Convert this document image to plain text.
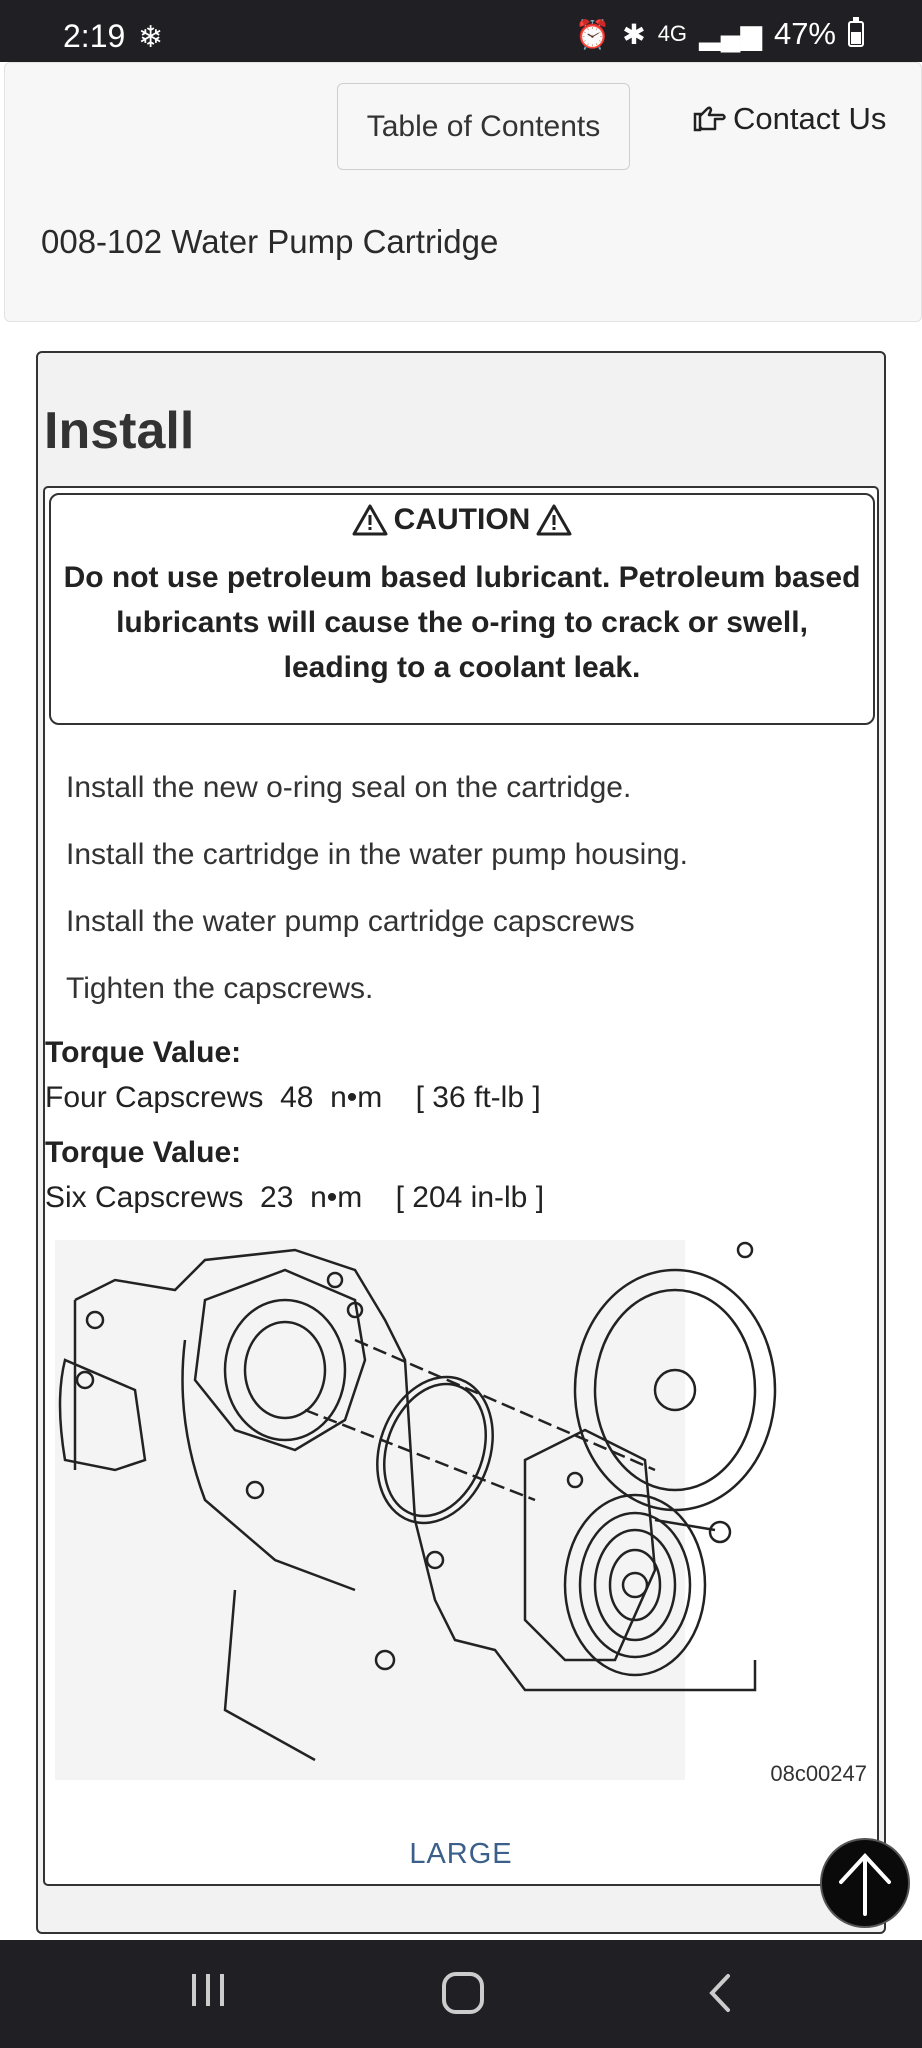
2:19 ❄	⏰ ✱ 4G ▂▄▆ 47%
Table of Contents	Contact Us
008-102 Water Pump Cartridge
Install
CAUTION
Do not use petroleum based lubricant. Petroleum based lubricants will cause the o-ring to crack or swell, leading to a coolant leak.
Install the new o-ring seal on the cartridge.
Install the cartridge in the water pump housing.
Install the water pump cartridge capscrews
Tighten the capscrews.
Torque Value:
Four Capscrews  48  n•m    [ 36 ft-lb ]
Torque Value:
Six Capscrews  23  n•m    [ 204 in-lb ]
08c00247
LARGE
